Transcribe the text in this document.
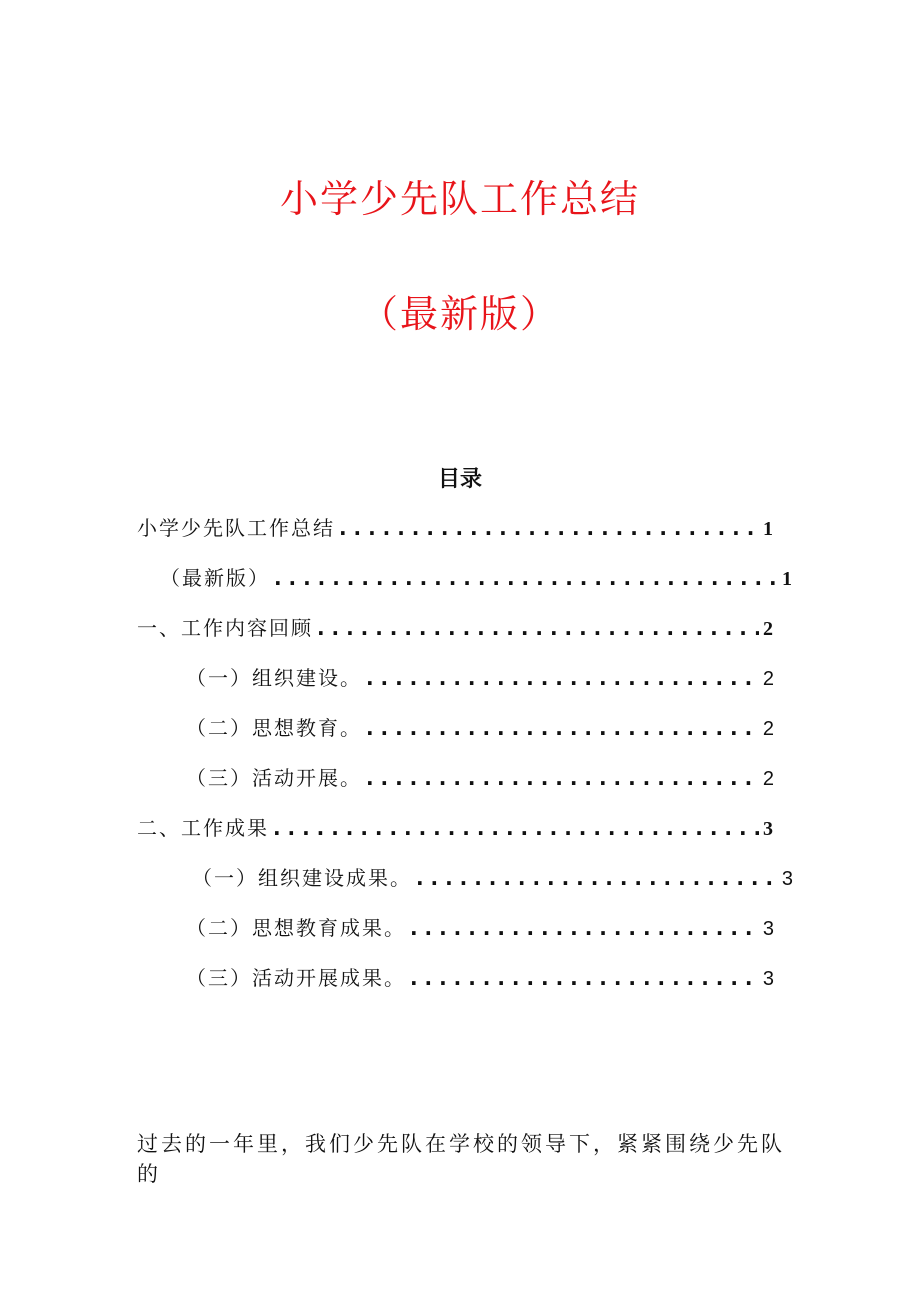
小学少先队工作总结
（最新版）
目录
小学少先队工作总结 . . .	1
（最新版） . . .	1
一、工作内容回顾 . . .	2
（一）组织建设。 . . .	2
（二）思想教育。 . . .	2
（三）活动开展。 . . .	2
二、工作成果 . . .	3
（一）组织建设成果。 . . .	3
（二）思想教育成果。 . . .	3
（三）活动开展成果。 . . .	3

过去的一年里，我们少先队在学校的领导下，紧紧围绕少先队的
